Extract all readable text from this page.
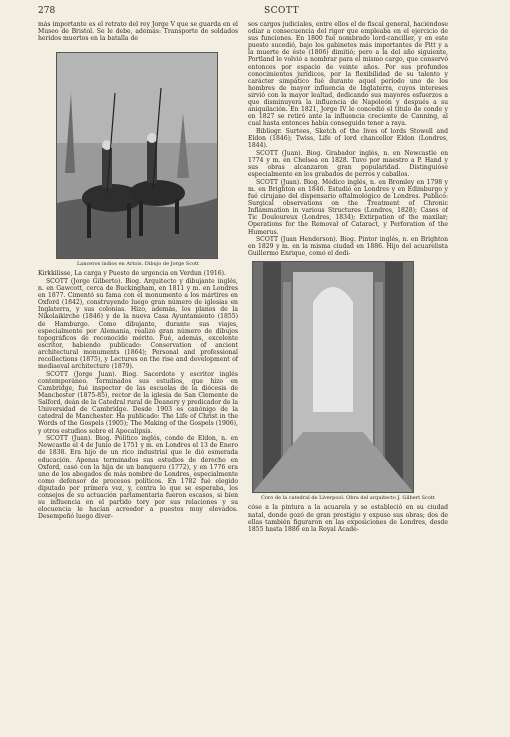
278	SCOTT

más importante es el retrato del rey Jorge V que se guarda en el Museo de Bristol. Se le debe, además: Transporte de soldados heridos muertos en la batalla de

Lanceros indios en Artois. Dibujo de Jorge Scott

Kirkkilisse, La carga y Puesto de urgencia en Verdun (1916).

SCOTT (Jorge Gilberto). Biog. Arquitecto y dibujante inglés, n. en Gawcott, cerca de Buckingham, en 1811 y m. en Londres en 1877. Cimentó su fama con el monumento a los mártires en Oxford (1842), construyendo luego gran número de iglesias en Inglaterra, y sus colonias. Hizo, además, los planos de la Nikolaikirche (1846) y de la nueva Casa Ayuntamiento (1855) de Hamburgo. Como dibujante, durante sus viajes, especialmente por Alemania, realizó gran número de dibujos topográficos de reconocido mérito. Fué, además, excelente escritor, habiendo publicado: Conservation of ancient architectural monuments (1864); Personal and professional recollections (1875), y Lectures on the rise and development of mediaeval architecture (1879).

SCOTT (Jorge Juan). Biog. Sacerdote y escritor inglés contemporáneo. Terminados sus estudios, que hizo en Cambridge, fué inspector de las escuelas de la diócesis de Manchester (1875-85), rector de la iglesia de San Clemente de Salford, deán de la Catedral rural de Deanery y predicador de la Universidad de Cambridge. Desde 1903 es canónigo de la catedral de Manchester. Ha publicado: The Life of Christ in the Words of the Gospels (1905); The Making of the Gospels (1906), y otros estudios sobre el Apocalipsis.

SCOTT (Juan). Biog. Político inglés, conde de Eldon, n. en Newcastle el 4 de Junio de 1751 y m. en Londres el 13 de Enero de 1838. Era hijo de un rico industrial que le dió esmerada educación. Apenas terminados sus estudios de derecho en Oxford, casó con la hija de un banquero (1772), y en 1776 era uno de los abogados de más nombre de Londres, especialmente como defensor de procesos políticos. En 1782 fué elegido diputado por primera vez, y, contra lo que se esperaba, los consejos de su actuación parlamentaria fueron escasos, si bien su influencia en el partido tory por sus relaciones y su elocuencia le hacían acreedor a puestos muy elevados. Desempeñó luego diver-

sos cargos judiciales, entre ellos el de fiscal general, haciéndose odiar a consecuencia del rigor que empleaba en el ejercicio de sus funciones. En 1800 fué nombrado lord-canciller, y en este puesto sucedió, bajo los gabinetes más importantes de Pitt y a la muerte de éste (1806) dimitió; pero a la del año siguiente, Portland le volvió a nombrar para el mismo cargo, que conservó entonces por espacio de veinte años. Por sus profundos conocimientos jurídicos, por la flexibilidad de su talento y carácter simpático fué durante aquel período uno de los hombres de mayor influencia de Inglaterra, cuyos intereses sirvió con la mayor lealtad, dedicando sus mayores esfuerzos a que disminuyera la influencia de Napoleón y después a su aniquilación. En 1821, Jorge IV le concedió el título de conde y en 1827 se retiró ante la influencia creciente de Canning, al cual hasta entonces había conseguido tener a raya.

Bibliogr. Surtees, Sketch of the lives of lords Stowell and Eldon (1846); Twiss, Life of lord chancellor Eldon (Londres, 1844).

SCOTT (Juan). Biog. Grabador inglés, n. en Newcastle en 1774 y m. en Chelsea en 1828. Tuvo por maestro a P. Hand y sus obras alcanzaron gran popularidad. Distinguióse especialmente en los grabados de perros y caballos.

SCOTT (Juan). Biog. Médico inglés, n. en Bromley en 1798 y m. en Brighton en 1846. Estudió en Londres y en Edimburgo y fué cirujano del dispensario oftalmológico de Londres. Publicó: Surgical observations on the Treatment of Chronic Inflammation in various Structures (Londres, 1828); Cases of Tic Douloureux (Londres, 1834); Extirpation of the maxilar; Operations for the Removal of Cataract, y Perforation of the Humerus.

SCOTT (Juan Henderson). Biog. Pintor inglés, n. en Brighton en 1829 y m. en la misma ciudad en 1886. Hijo del acuarelista Guillermo Enrique, comó el dedi-

Coro de la catedral de Liverpool. Obra del arquitecto J. Gilbert Scott

cóse a la pintura a la acuarela y se estableció en su ciudad natal, donde gozó de gran prestigio y expuso sus obras; dos de ellas también figuraron en las exposiciones de Londres, desde 1855 hasta 1886 en la Royal Acade-
